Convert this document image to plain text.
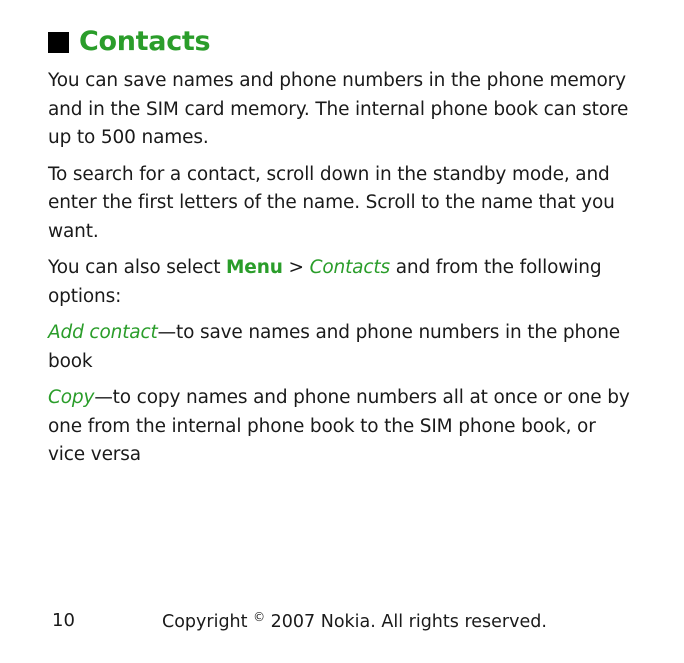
Contacts

You can save names and phone numbers in the phone memory and in the SIM card memory. The internal phone book can store up to 500 names.

To search for a contact, scroll down in the standby mode, and enter the first letters of the name. Scroll to the name that you want.

You can also select Menu > Contacts and from the following options:

Add contact—to save names and phone numbers in the phone book

Copy—to copy names and phone numbers all at once or one by one from the internal phone book to the SIM phone book, or vice versa

10	Copyright © 2007 Nokia. All rights reserved.
